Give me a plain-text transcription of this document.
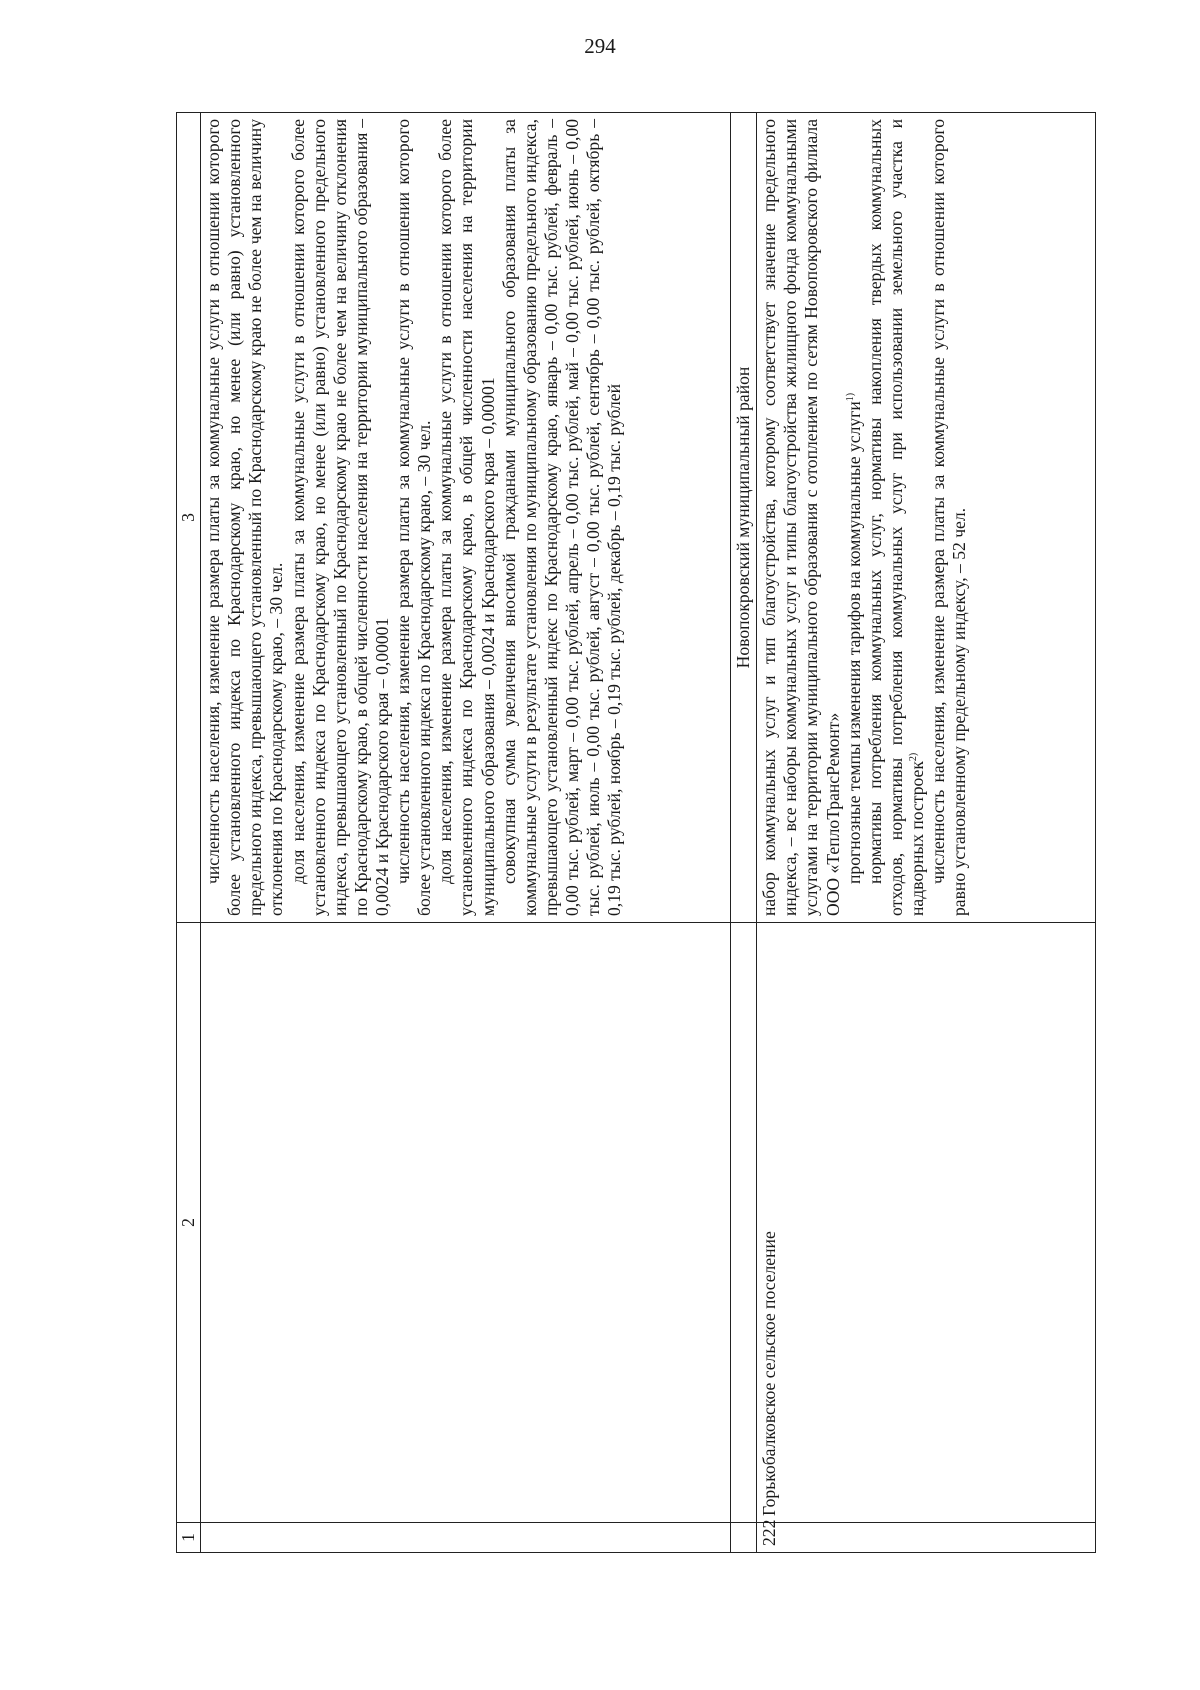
294
1	2	3

		численность населения, изменение размера платы за коммунальные услуги в отношении которого более установленного индекса по Краснодарскому краю, но менее (или равно) установленного предельного индекса, превышающего установленный по Краснодарскому краю не более чем на величину отклонения по Краснодарскому краю, – 30 чел. доля населения, изменение размера платы за коммунальные услуги в отношении которого более установленного индекса по Краснодарскому краю, но менее (или равно) установленного предельного индекса, превышающего установленный по Краснодарскому краю не более чем на величину отклонения по Краснодарскому краю, в общей численности населения на территории муниципального образования – 0,0024 и Краснодарского края – 0,00001 численность населения, изменение размера платы за коммунальные услуги в отношении которого более установленного индекса по Краснодарскому краю, – 30 чел. доля населения, изменение размера платы за коммунальные услуги в отношении которого более установленного индекса по Краснодарскому краю, в общей численности населения на территории муниципального образования – 0,0024 и Краснодарского края – 0,00001 совокупная сумма увеличения вносимой гражданами муниципального образования платы за коммунальные услуги в результате установления по муниципальному образованию предельного индекса, превышающего установленный индекс по Краснодарскому краю, январь – 0,00 тыс. рублей, февраль – 0,00 тыс. рублей, март – 0,00 тыс. рублей, апрель – 0,00 тыс. рублей, май – 0,00 тыс. рублей, июнь – 0,00 тыс. рублей, июль – 0,00 тыс. рублей, август – 0,00 тыс. рублей, сентябрь – 0,00 тыс. рублей, октябрь – 0,19 тыс. рублей, ноябрь – 0,19 тыс. рублей, декабрь – 0,19 тыс. рублей

		Новопокровский муниципальный район
222	Горькобалковское сельское поселение	набор коммунальных услуг и тип благоустройства, которому соответствует значение предельного индекса, – все наборы коммунальных услуг и типы благоустройства жилищного фонда коммунальными услугами на территории муниципального образования с отоплением по сетям Новопокровского филиала ООО «ТеплоТрансРемонт» прогнозные темпы изменения тарифов на коммунальные услуги$^{1)}$ нормативы потребления коммунальных услуг, нормативы накопления твердых коммунальных отходов, нормативы потребления коммунальных услуг при использовании земельного участка и надворных построек$^{2)}$ численность населения, изменение размера платы за коммунальные услуги в отношении которого равно установленному предельному индексу, – 52 чел.
